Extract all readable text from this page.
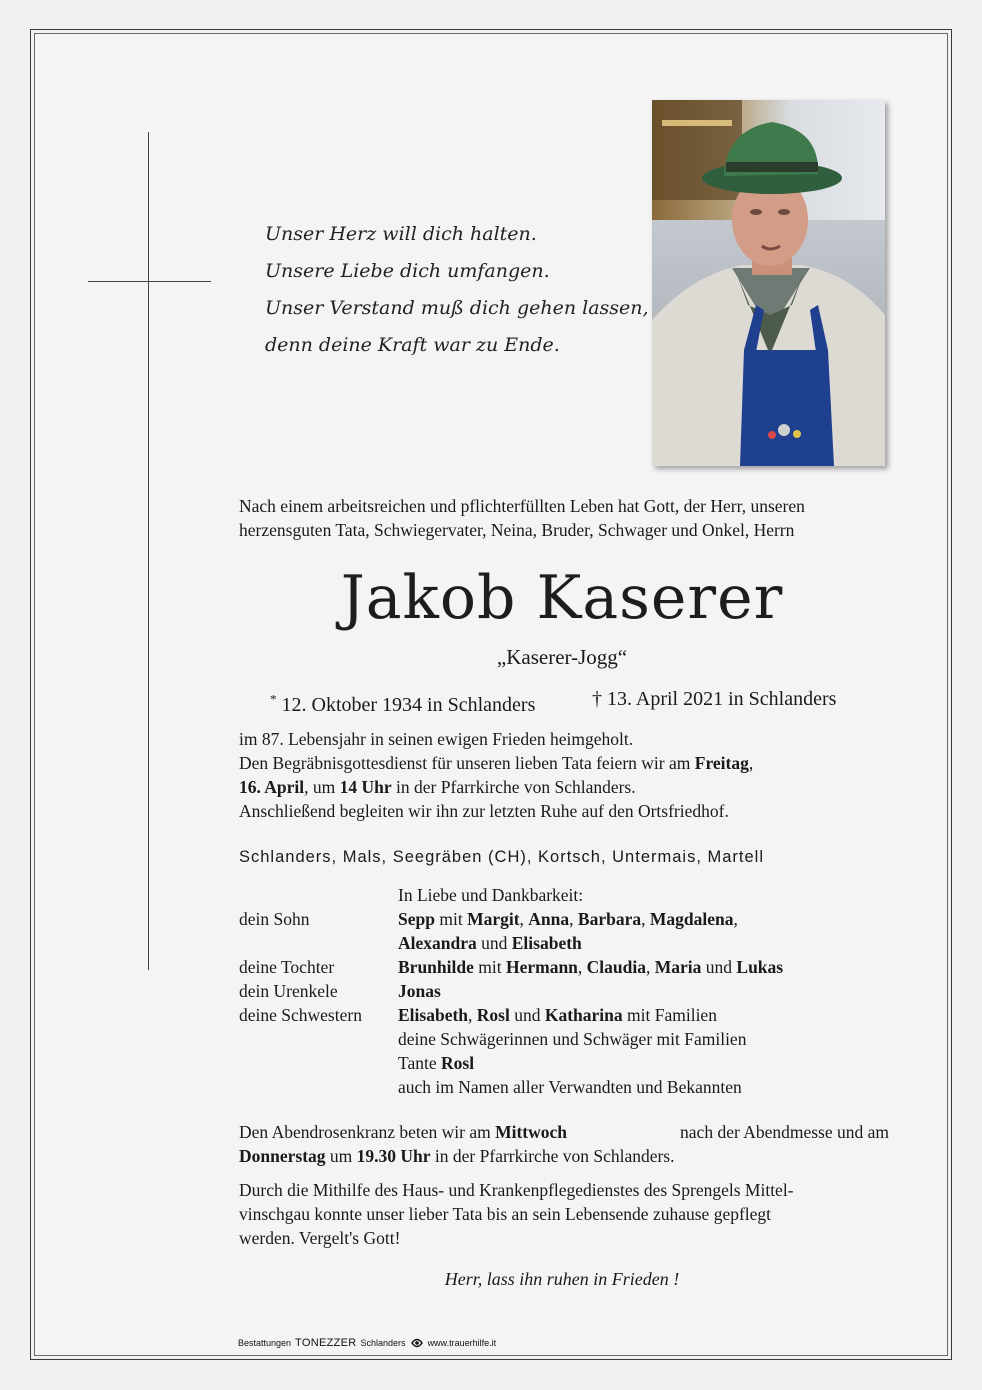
Unser Herz will dich halten.
Unsere Liebe dich umfangen.
Unser Verstand muß dich gehen lassen,
denn deine Kraft war zu Ende.
Nach einem arbeitsreichen und pflichterfüllten Leben hat Gott, der Herr, unseren
herzensguten Tata, Schwiegervater, Neina, Bruder, Schwager und Onkel, Herrn
Jakob Kaserer
„Kaserer-Jogg“
* 12. Oktober 1934 in Schlanders	† 13. April 2021 in Schlanders
im 87. Lebensjahr in seinen ewigen Frieden heimgeholt.
Den Begräbnisgottesdienst für unseren lieben Tata feiern wir am Freitag,
16. April, um 14 Uhr in der Pfarrkirche von Schlanders.
Anschließend begleiten wir ihn zur letzten Ruhe auf den Ortsfriedhof.
Schlanders, Mals, Seegräben (CH), Kortsch, Untermais, Martell
In Liebe und Dankbarkeit:
dein Sohn	Sepp mit Margit, Anna, Barbara, Magdalena,
Alexandra und Elisabeth
deine Tochter	Brunhilde mit Hermann, Claudia, Maria und Lukas
dein Urenkele	Jonas
deine Schwestern	Elisabeth, Rosl und Katharina mit Familien
deine Schwägerinnen und Schwäger mit Familien
Tante Rosl
auch im Namen aller Verwandten und Bekannten
Den Abendrosenkranz beten wir am Mittwoch	nach der Abendmesse und am
Donnerstag um 19.30 Uhr in der Pfarrkirche von Schlanders.
Durch die Mithilfe des Haus- und Krankenpflegedienstes des Sprengels Mittel-
vinschgau konnte unser lieber Tata bis an sein Lebensende zuhause gepflegt
werden. Vergelt's Gott!
Herr, lass ihn ruhen in Frieden !
Bestattungen TONEZZER Schlanders www.trauerhilfe.it
